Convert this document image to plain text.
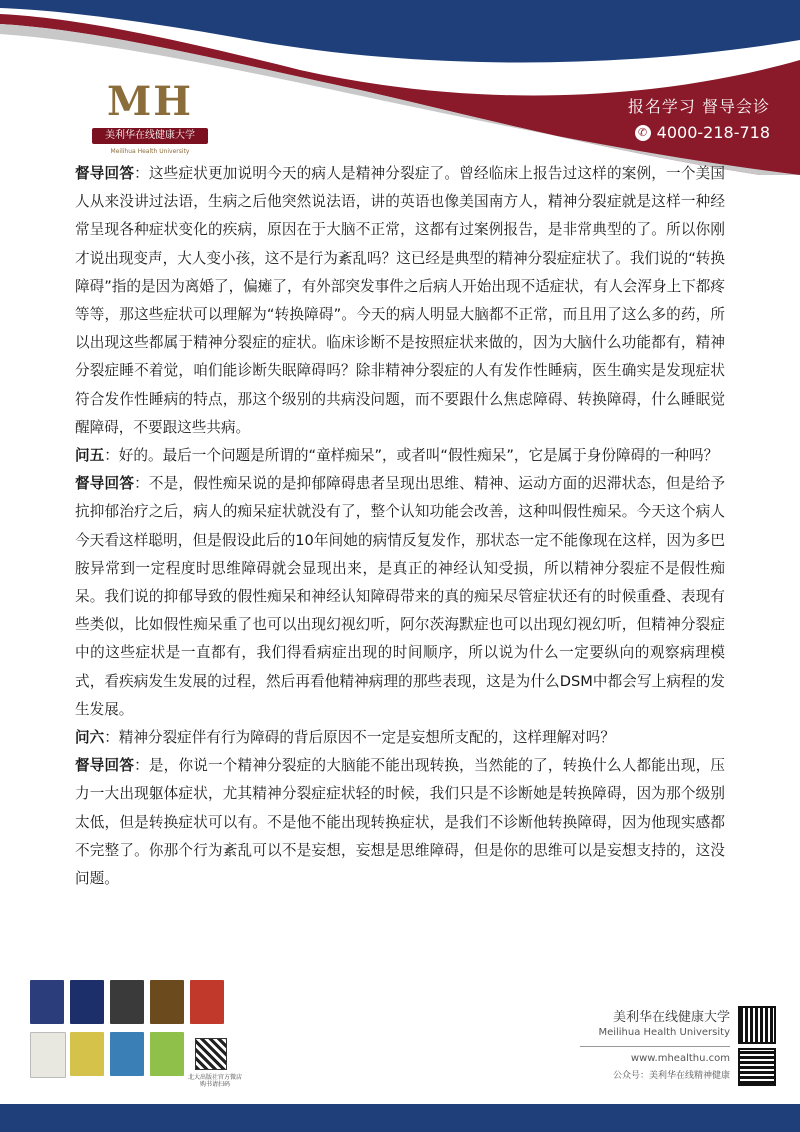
MH
美利华在线健康大学
Meilihua Health University
报名学习 督导会诊
✆ 4000-218-718

督导回答：这些症状更加说明今天的病人是精神分裂症了。曾经临床上报告过这样的案例，一个美国人从来没讲过法语，生病之后他突然说法语，讲的英语也像美国南方人，精神分裂症就是这样一种经常呈现各种症状变化的疾病，原因在于大脑不正常，这都有过案例报告，是非常典型的了。所以你刚才说出现变声，大人变小孩，这不是行为紊乱吗？这已经是典型的精神分裂症症状了。我们说的“转换障碍”指的是因为离婚了，偏瘫了，有外部突发事件之后病人开始出现不适症状，有人会浑身上下都疼等等，那这些症状可以理解为“转换障碍”。今天的病人明显大脑都不正常，而且用了这么多的药，所以出现这些都属于精神分裂症的症状。临床诊断不是按照症状来做的，因为大脑什么功能都有，精神分裂症睡不着觉，咱们能诊断失眠障碍吗？除非精神分裂症的人有发作性睡病，医生确实是发现症状符合发作性睡病的特点，那这个级别的共病没问题，而不要跟什么焦虑障碍、转换障碍，什么睡眠觉醒障碍，不要跟这些共病。

问五：好的。最后一个问题是所谓的“童样痴呆”，或者叫“假性痴呆”，它是属于身份障碍的一种吗？

督导回答：不是，假性痴呆说的是抑郁障碍患者呈现出思维、精神、运动方面的迟滞状态，但是给予抗抑郁治疗之后，病人的痴呆症状就没有了，整个认知功能会改善，这种叫假性痴呆。今天这个病人今天看这样聪明，但是假设此后的10年间她的病情反复发作，那状态一定不能像现在这样，因为多巴胺异常到一定程度时思维障碍就会显现出来，是真正的神经认知受损，所以精神分裂症不是假性痴呆。我们说的抑郁导致的假性痴呆和神经认知障碍带来的真的痴呆尽管症状还有的时候重叠、表现有些类似，比如假性痴呆重了也可以出现幻视幻听，阿尔茨海默症也可以出现幻视幻听，但精神分裂症中的这些症状是一直都有，我们得看病症出现的时间顺序，所以说为什么一定要纵向的观察病理模式，看疾病发生发展的过程，然后再看他精神病理的那些表现，这是为什么DSM中都会写上病程的发生发展。

问六：精神分裂症伴有行为障碍的背后原因不一定是妄想所支配的，这样理解对吗？

督导回答：是，你说一个精神分裂症的大脑能不能出现转换，当然能的了，转换什么人都能出现，压力一大出现躯体症状，尤其精神分裂症症状轻的时候，我们只是不诊断她是转换障碍，因为那个级别太低，但是转换症状可以有。不是他不能出现转换症状，是我们不诊断他转换障碍，因为他现实感都不完整了。你那个行为紊乱可以不是妄想，妄想是思维障碍，但是你的思维可以是妄想支持的，这没问题。

北大出版社官方微店 购书请扫码
美利华在线健康大学
Meilihua Health University
www.mhealthu.com
公众号：美利华在线精神健康
